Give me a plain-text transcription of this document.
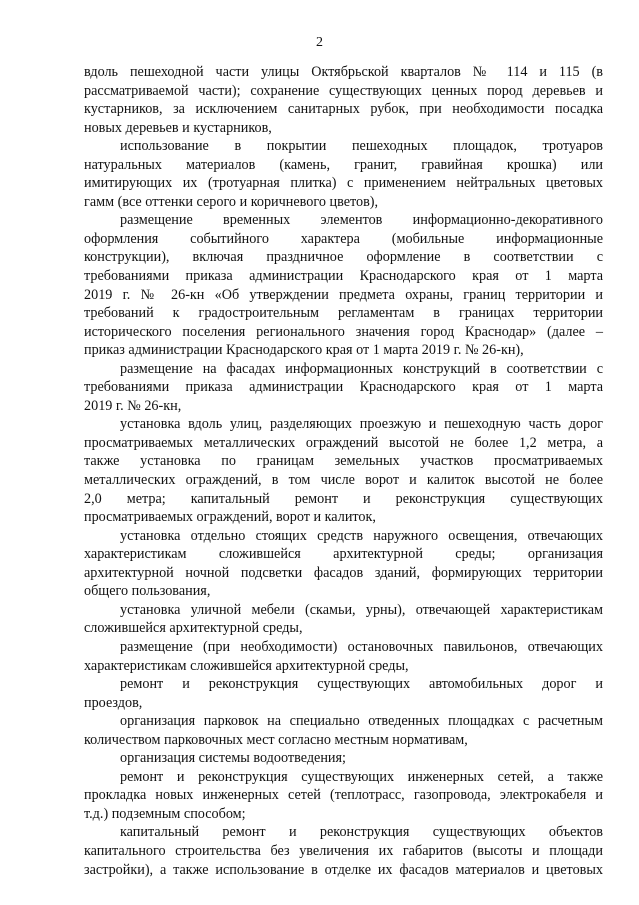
2
вдоль пешеходной части улицы Октябрьской кварталов № 114 и 115 (в
рассматриваемой части); сохранение существующих ценных пород деревьев и
кустарников, за исключением санитарных рубок, при необходимости посадка
новых деревьев и кустарников,
использование в покрытии пешеходных площадок, тротуаров
натуральных материалов (камень, гранит, гравийная крошка) или
имитирующих их (тротуарная плитка) с применением нейтральных цветовых
гамм (все оттенки серого и коричневого цветов),
размещение временных элементов информационно-декоративного
оформления событийного характера (мобильные информационные
конструкции), включая праздничное оформление в соответствии с
требованиями приказа администрации Краснодарского края от 1 марта
2019 г. № 26-кн «Об утверждении предмета охраны, границ территории и
требований к градостроительным регламентам в границах территории
исторического поселения регионального значения город Краснодар» (далее –
приказ администрации Краснодарского края от 1 марта 2019 г. № 26-кн),
размещение на фасадах информационных конструкций в соответствии с
требованиями приказа администрации Краснодарского края от 1 марта
2019 г. № 26-кн,
установка вдоль улиц, разделяющих проезжую и пешеходную часть дорог
просматриваемых металлических ограждений высотой не более 1,2 метра, а
также установка по границам земельных участков просматриваемых
металлических ограждений, в том числе ворот и калиток высотой не более
2,0 метра; капитальный ремонт и реконструкция существующих
просматриваемых ограждений, ворот и калиток,
установка отдельно стоящих средств наружного освещения, отвечающих
характеристикам сложившейся архитектурной среды; организация
архитектурной ночной подсветки фасадов зданий, формирующих территории
общего пользования,
установка уличной мебели (скамьи, урны), отвечающей характеристикам
сложившейся архитектурной среды,
размещение (при необходимости) остановочных павильонов, отвечающих
характеристикам сложившейся архитектурной среды,
ремонт и реконструкция существующих автомобильных дорог и
проездов,
организация парковок на специально отведенных площадках с расчетным
количеством парковочных мест согласно местным нормативам,
организация системы водоотведения;
ремонт и реконструкция существующих инженерных сетей, а также
прокладка новых инженерных сетей (теплотрасс, газопровода, электрокабеля и
т.д.) подземным способом;
капитальный ремонт и реконструкция существующих объектов
капитального строительства без увеличения их габаритов (высоты и площади
застройки), а также использование в отделке их фасадов материалов и цветовых
